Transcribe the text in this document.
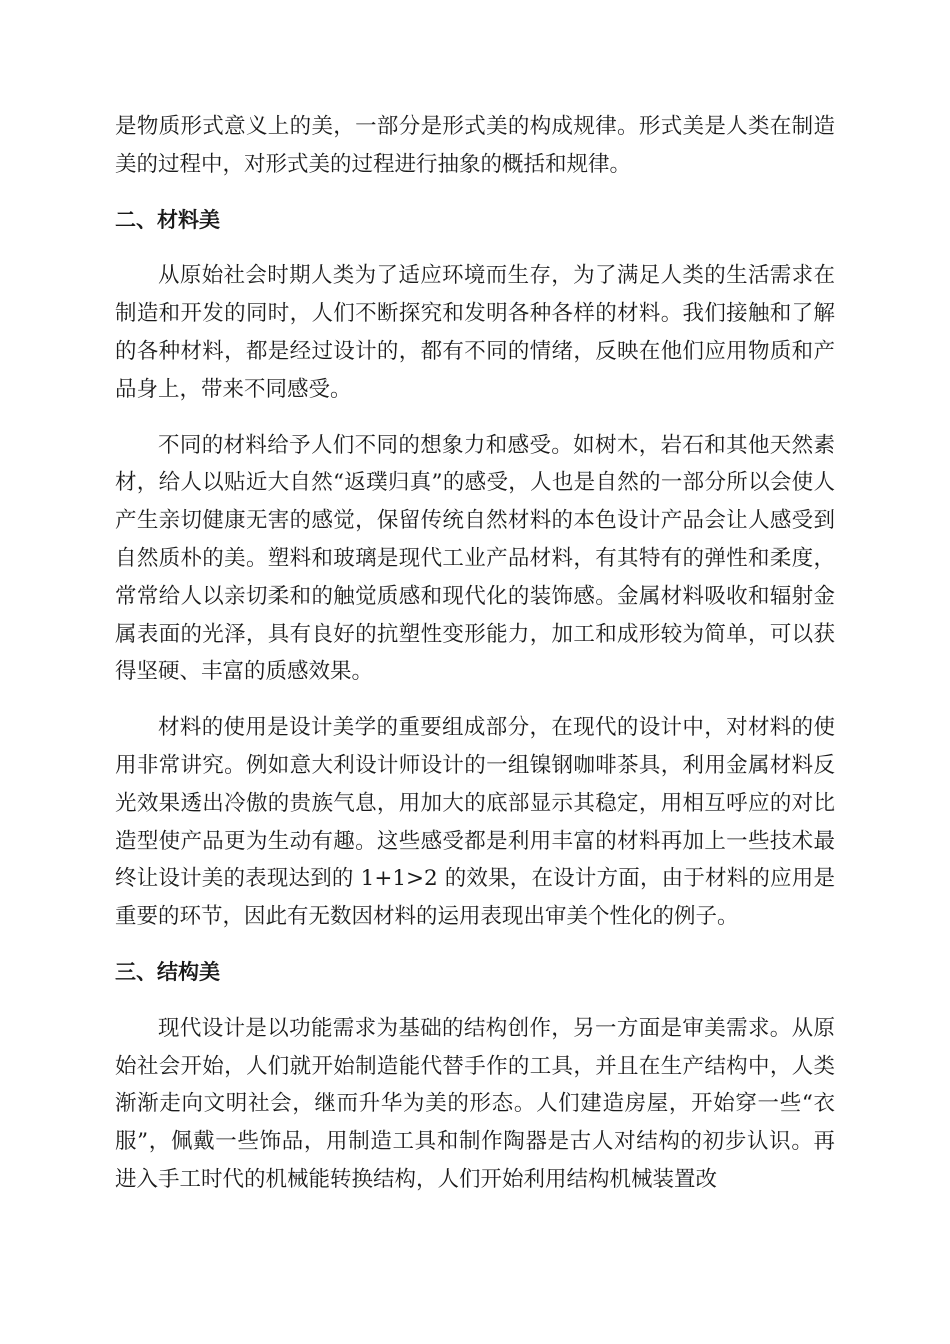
是物质形式意义上的美，一部分是形式美的构成规律。形式美是人类在制造美的过程中，对形式美的过程进行抽象的概括和规律。

二、材料美

从原始社会时期人类为了适应环境而生存，为了满足人类的生活需求在制造和开发的同时，人们不断探究和发明各种各样的材料。我们接触和了解的各种材料，都是经过设计的，都有不同的情绪，反映在他们应用物质和产品身上，带来不同感受。

不同的材料给予人们不同的想象力和感受。如树木，岩石和其他天然素材，给人以贴近大自然“返璞归真”的感受，人也是自然的一部分所以会使人产生亲切健康无害的感觉，保留传统自然材料的本色设计产品会让人感受到自然质朴的美。塑料和玻璃是现代工业产品材料，有其特有的弹性和柔度，常常给人以亲切柔和的触觉质感和现代化的装饰感。金属材料吸收和辐射金属表面的光泽，具有良好的抗塑性变形能力，加工和成形较为简单，可以获得坚硬、丰富的质感效果。

材料的使用是设计美学的重要组成部分，在现代的设计中，对材料的使用非常讲究。例如意大利设计师设计的一组镍钢咖啡茶具，利用金属材料反光效果透出冷傲的贵族气息，用加大的底部显示其稳定，用相互呼应的对比造型使产品更为生动有趣。这些感受都是利用丰富的材料再加上一些技术最终让设计美的表现达到的 1+1>2 的效果，在设计方面，由于材料的应用是重要的环节，因此有无数因材料的运用表现出审美个性化的例子。

三、结构美

现代设计是以功能需求为基础的结构创作，另一方面是审美需求。从原始社会开始，人们就开始制造能代替手作的工具，并且在生产结构中，人类渐渐走向文明社会，继而升华为美的形态。人们建造房屋，开始穿一些“衣服”，佩戴一些饰品，用制造工具和制作陶器是古人对结构的初步认识。再进入手工时代的机械能转换结构，人们开始利用结构机械装置改
